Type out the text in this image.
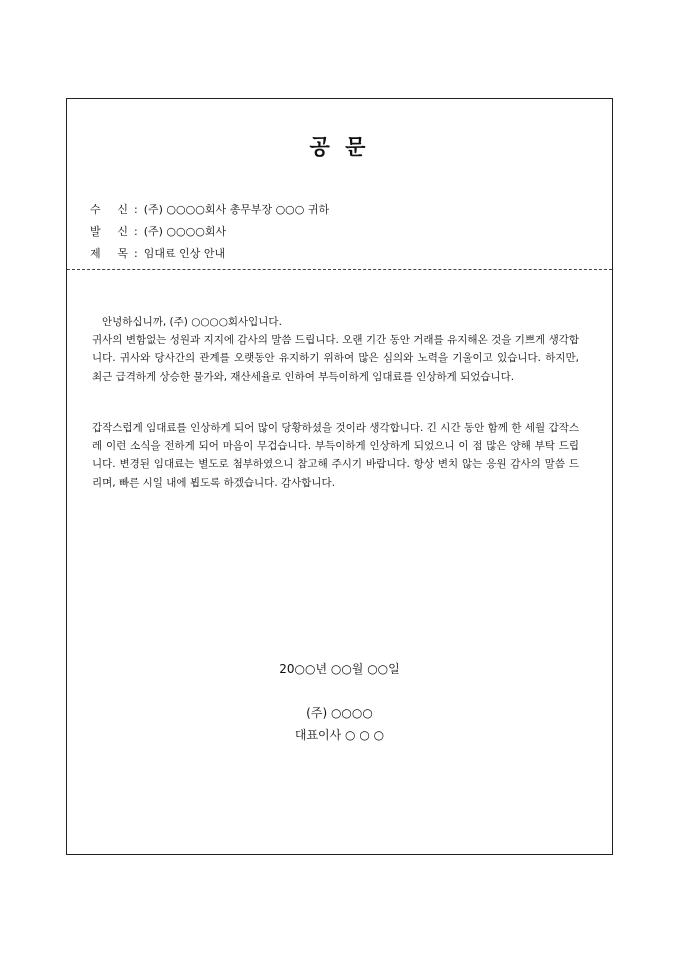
공 문
수 신 : (주) ○○○○회사 총무부장 ○○○ 귀하
발 신 : (주) ○○○○회사
제 목 : 임대료 인상 안내
안녕하십니까, (주) ○○○○회사입니다.
귀사의 변함없는 성원과 지지에 감사의 말씀 드립니다. 오랜 기간 동안 거래를 유지해온 것을 기쁘게 생각합니다. 귀사와 당사간의 관계를 오랫동안 유지하기 위하여 많은 심의와 노력을 기울이고 있습니다. 하지만, 최근 급격하게 상승한 물가와, 재산세율로 인하여 부득이하게 임대료를 인상하게 되었습니다.
갑작스럽게 임대료를 인상하게 되어 많이 당황하셨을 것이라 생각합니다. 긴 시간 동안 함께 한 세월 갑작스레 이런 소식을 전하게 되어 마음이 무겁습니다. 부득이하게 인상하게 되었으니 이 점 많은 양해 부탁 드립니다. 변경된 임대료는 별도로 첨부하였으니 참고해 주시기 바랍니다. 항상 변치 않는 응원 감사의 말씀 드리며, 빠른 시일 내에 뵙도록 하겠습니다. 감사합니다.
20○○년 ○○월 ○○일
(주) ○○○○
대표이사 ○ ○ ○
